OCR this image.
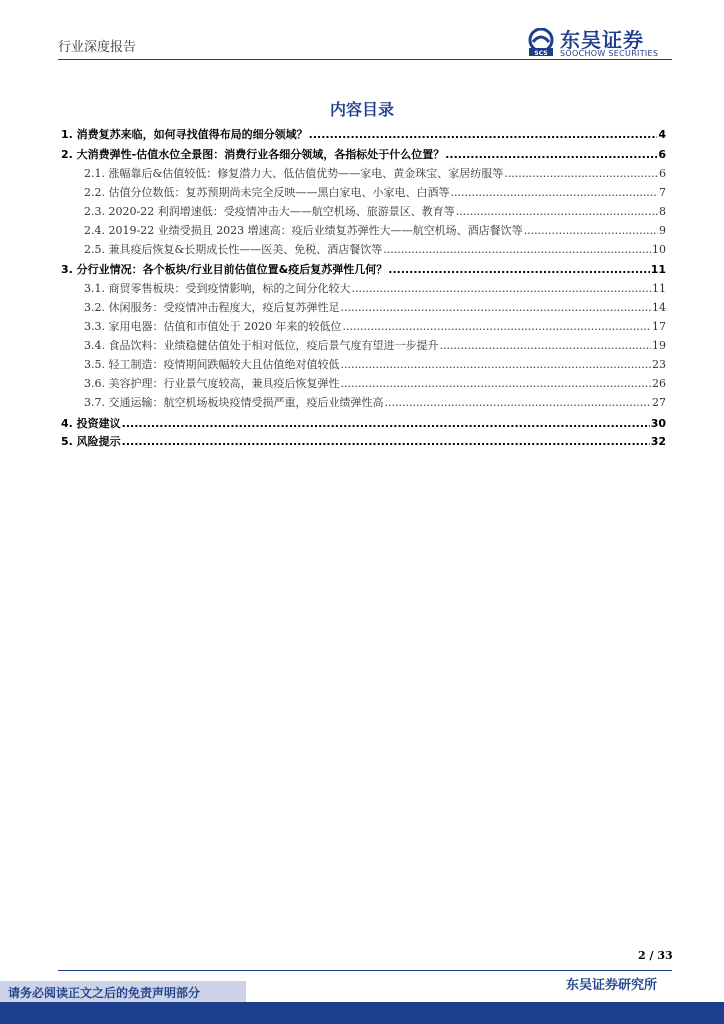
行业深度报告	SCS
东吴证券
SOOCHOW SECURITIES
内容目录
1. 消费复苏来临，如何寻找值得布局的细分领域？ .....	4
2. 大消费弹性-估值水位全景图：消费行业各细分领域，各指标处于什么位置？ .....	6
2.1. 涨幅靠后&估值较低：修复潜力大、低估值优势——家电、黄金珠宝、家居纺服等 .....	6
2.2. 估值分位数低：复苏预期尚未完全反映——黑白家电、小家电、白酒等 .....	7
2.3. 2020-22 利润增速低：受疫情冲击大——航空机场、旅游景区、教育等 .....	8
2.4. 2019-22 业绩受损且 2023 增速高：疫后业绩复苏弹性大——航空机场、酒店餐饮等 .....	9
2.5. 兼具疫后恢复&长期成长性——医美、免税、酒店餐饮等 .....	10
3. 分行业情况：各个板块/行业目前估值位置&疫后复苏弹性几何？ .....	11
3.1. 商贸零售板块：受到疫情影响，标的之间分化较大 .....	11
3.2. 休闲服务：受疫情冲击程度大，疫后复苏弹性足 .....	14
3.3. 家用电器：估值和市值处于 2020 年来的较低位 .....	17
3.4. 食品饮料：业绩稳健估值处于相对低位，疫后景气度有望进一步提升 .....	19
3.5. 轻工制造：疫情期间跌幅较大且估值绝对值较低 .....	23
3.6. 美容护理：行业景气度较高，兼具疫后恢复弹性 .....	26
3.7. 交通运输：航空机场板块疫情受损严重，疫后业绩弹性高 .....	27
4. 投资建议 .....	30
5. 风险提示 .....	32
2 / 33
东吴证券研究所
请务必阅读正文之后的免责声明部分
